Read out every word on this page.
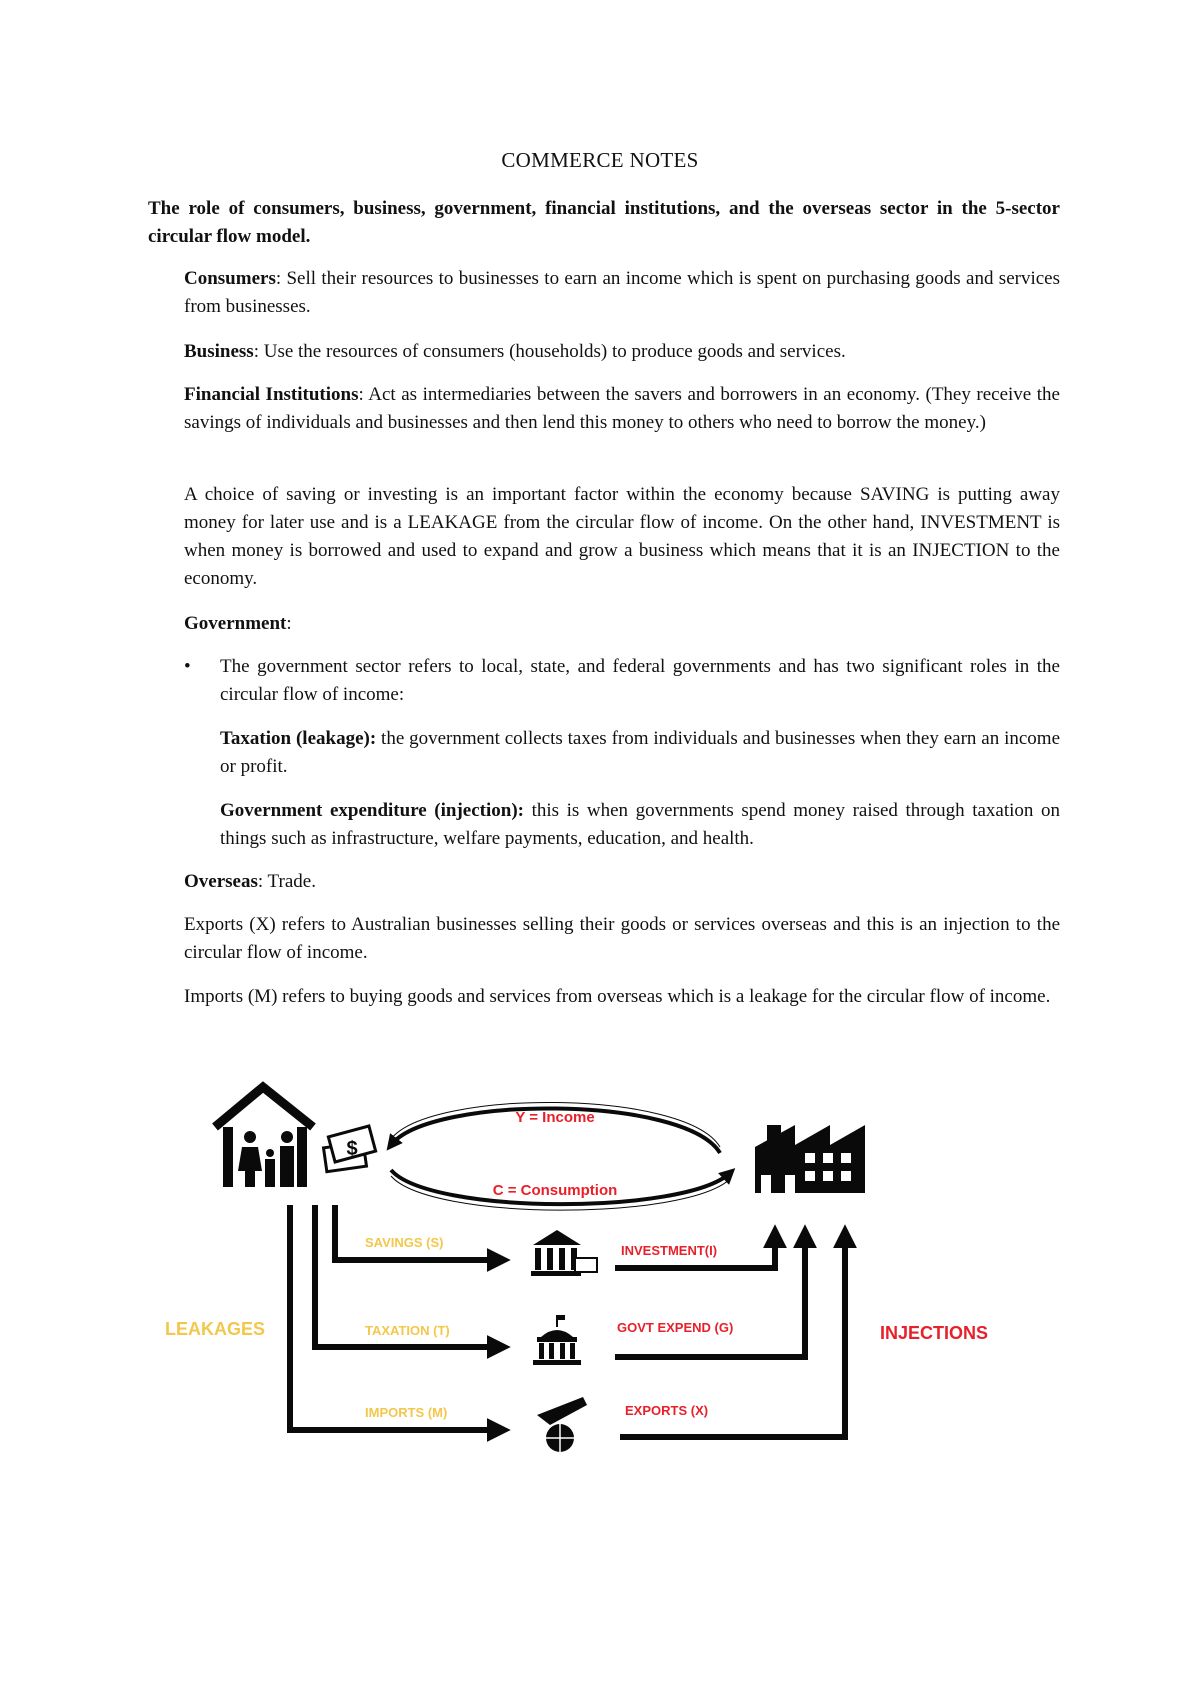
COMMERCE NOTES
The role of consumers, business, government, financial institutions, and the overseas sector in the 5-sector circular flow model.
Consumers: Sell their resources to businesses to earn an income which is spent on purchasing goods and services from businesses.
Business: Use the resources of consumers (households) to produce goods and services.
Financial Institutions: Act as intermediaries between the savers and borrowers in an economy. (They receive the savings of individuals and businesses and then lend this money to others who need to borrow the money.)
A choice of saving or investing is an important factor within the economy because SAVING is putting away money for later use and is a LEAKAGE from the circular flow of income. On the other hand, INVESTMENT is when money is borrowed and used to expand and grow a business which means that it is an INJECTION to the economy.
Government:
• The government sector refers to local, state, and federal governments and has two significant roles in the circular flow of income:
Taxation (leakage): the government collects taxes from individuals and businesses when they earn an income or profit.
Government expenditure (injection): this is when governments spend money raised through taxation on things such as infrastructure, welfare payments, education, and health.
Overseas: Trade.
Exports (X) refers to Australian businesses selling their goods or services overseas and this is an injection to the circular flow of income.
Imports (M) refers to buying goods and services from overseas which is a leakage for the circular flow of income.
$
Y = Income
C = Consumption
SAVINGS (S)
TAXATION (T)
IMPORTS (M)
LEAKAGES
INVESTMENT(I)
GOVT EXPEND (G)
EXPORTS (X)
INJECTIONS
